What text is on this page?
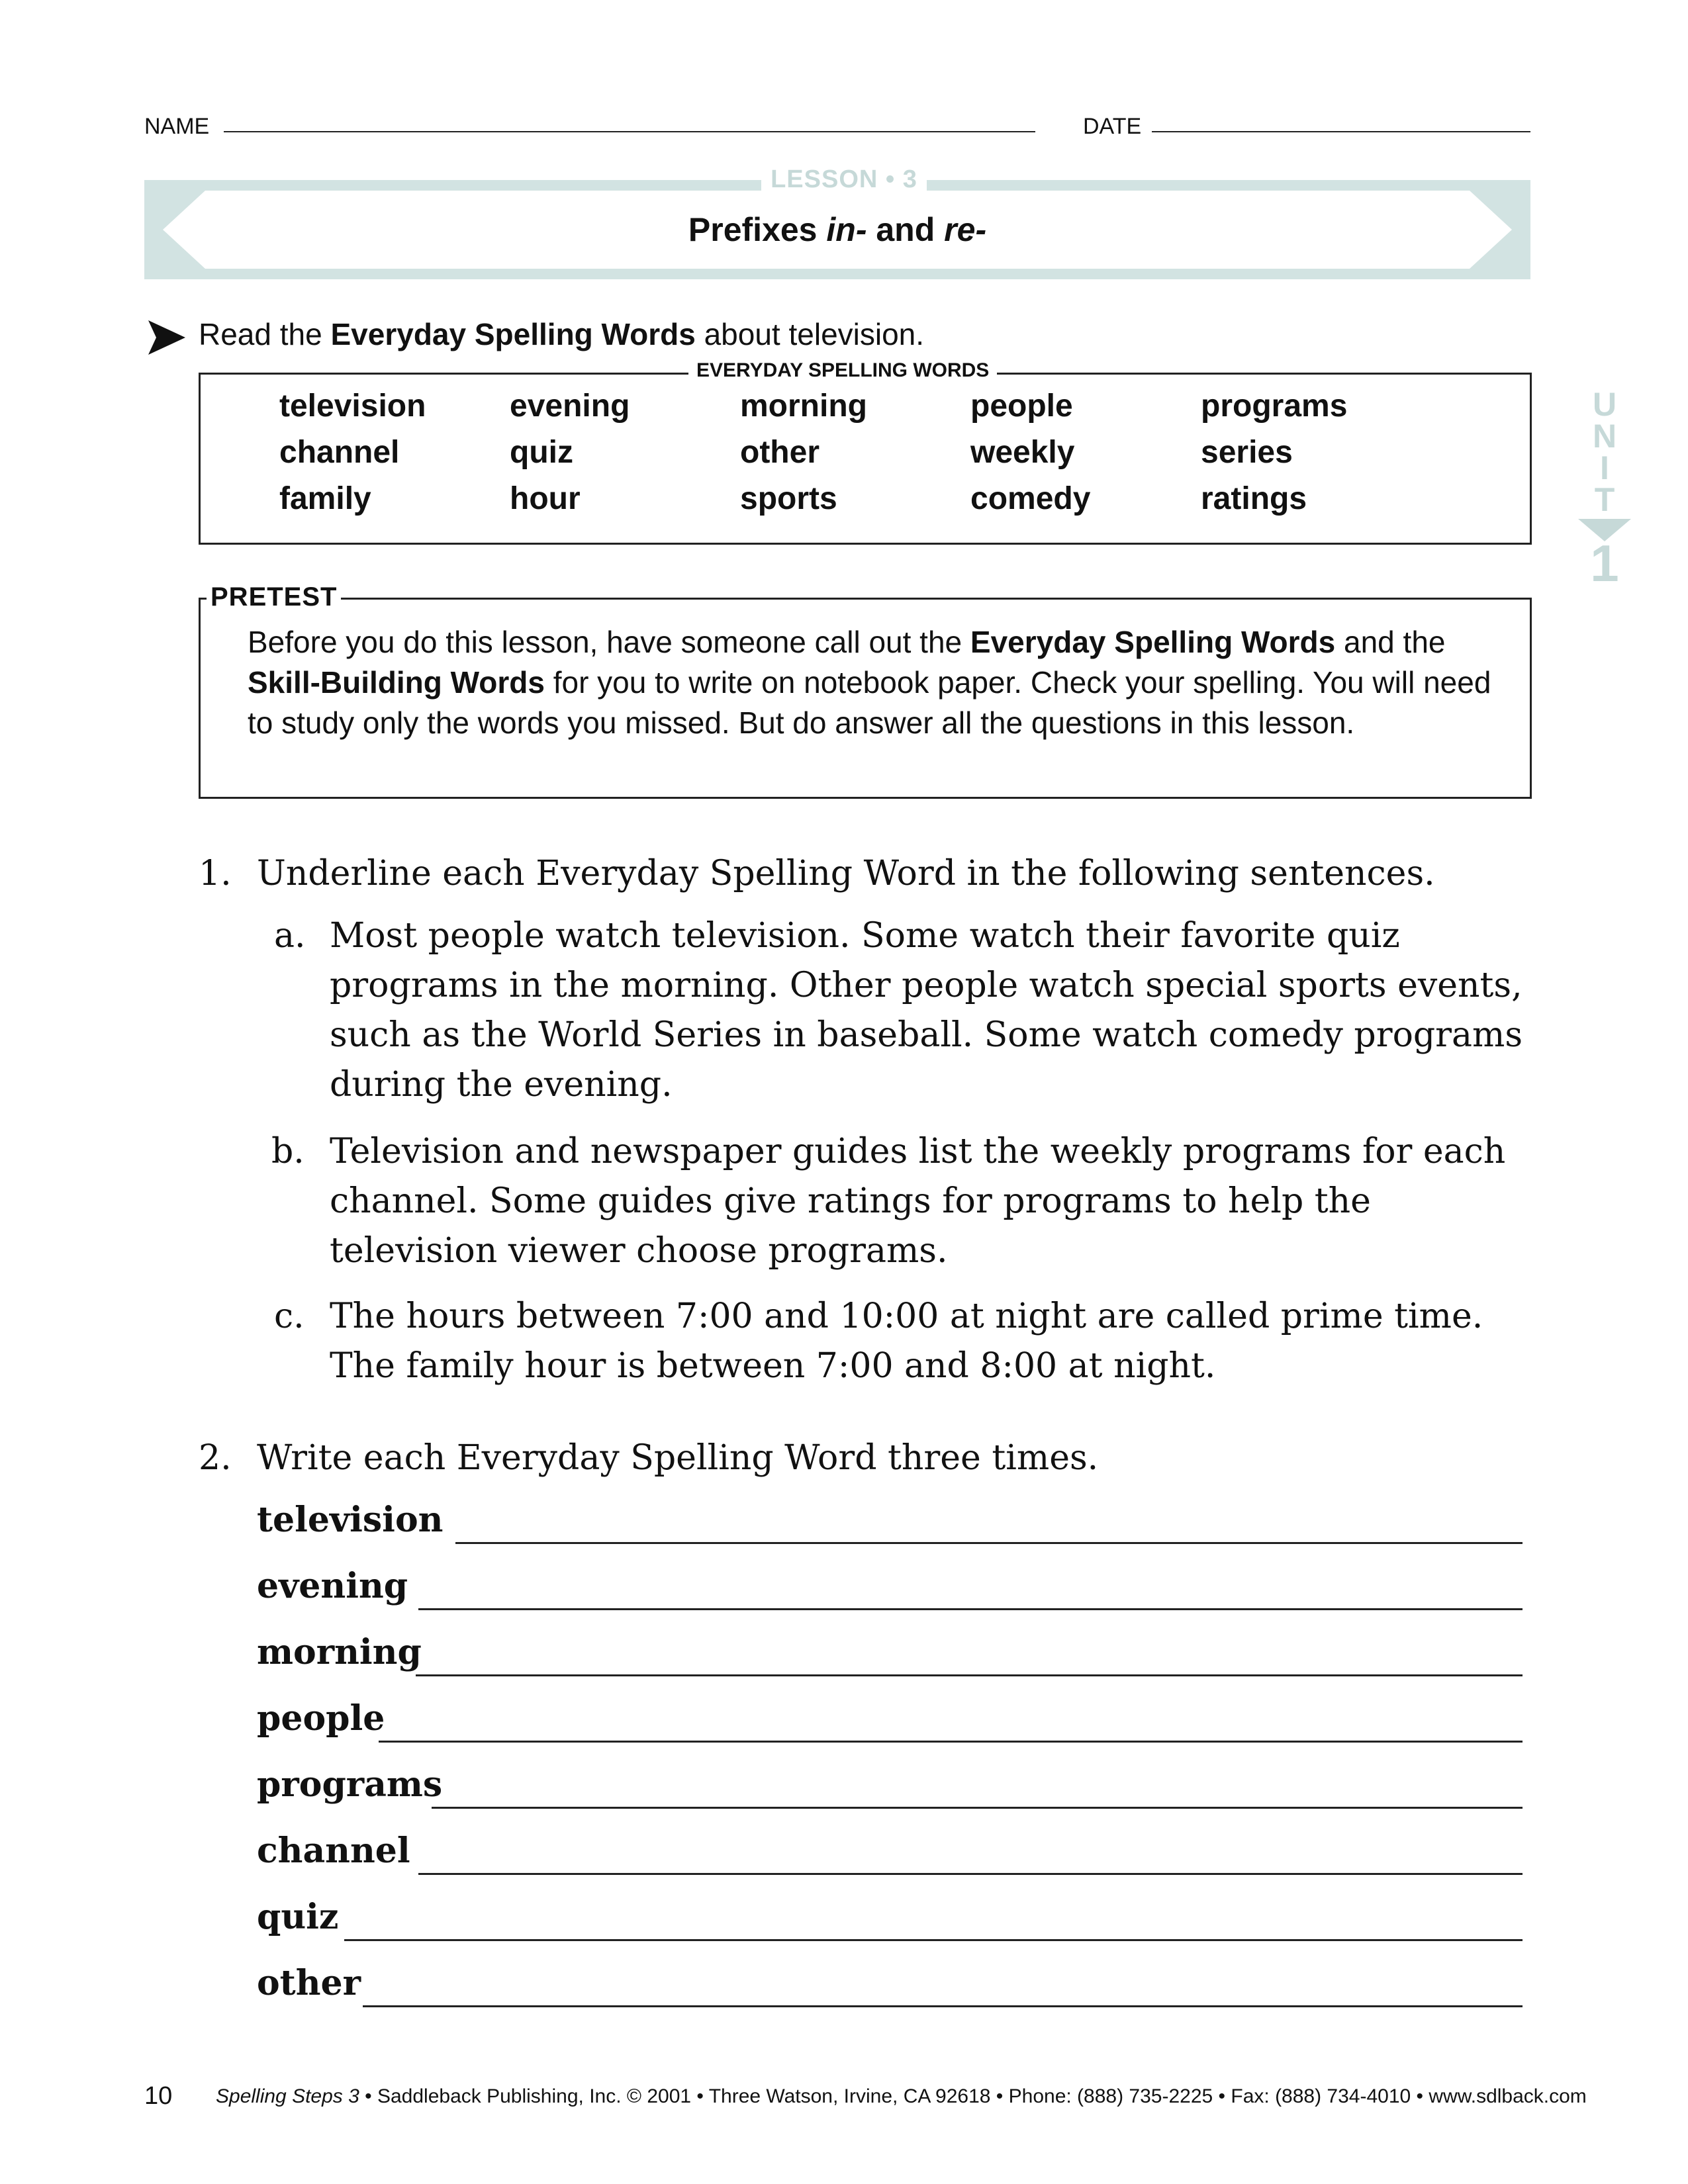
NAME	DATE
LESSON • 3
Prefixes in- and re-
Read the Everyday Spelling Words about television.
EVERYDAY SPELLING WORDS
television	evening	morning	people	programs
channel	quiz	other	weekly	series
family	hour	sports	comedy	ratings
U
N
I
T
1
PRETEST
Before you do this lesson, have someone call out the Everyday Spelling Words and the Skill-Building Words for you to write on notebook paper. Check your spelling. You will need to study only the words you missed. But do answer all the questions in this lesson.
1. Underline each Everyday Spelling Word in the following sentences.
a. Most people watch television. Some watch their favorite quiz programs in the morning. Other people watch special sports events, such as the World Series in baseball. Some watch comedy programs during the evening.
b. Television and newspaper guides list the weekly programs for each channel. Some guides give ratings for programs to help the television viewer choose programs.
c. The hours between 7:00 and 10:00 at night are called prime time. The family hour is between 7:00 and 8:00 at night.
2. Write each Everyday Spelling Word three times.
television
evening
morning
people
programs
channel
quiz
other
10 Spelling Steps 3 • Saddleback Publishing, Inc. © 2001 • Three Watson, Irvine, CA 92618 • Phone: (888) 735-2225 • Fax: (888) 734-4010 • www.sdlback.com
